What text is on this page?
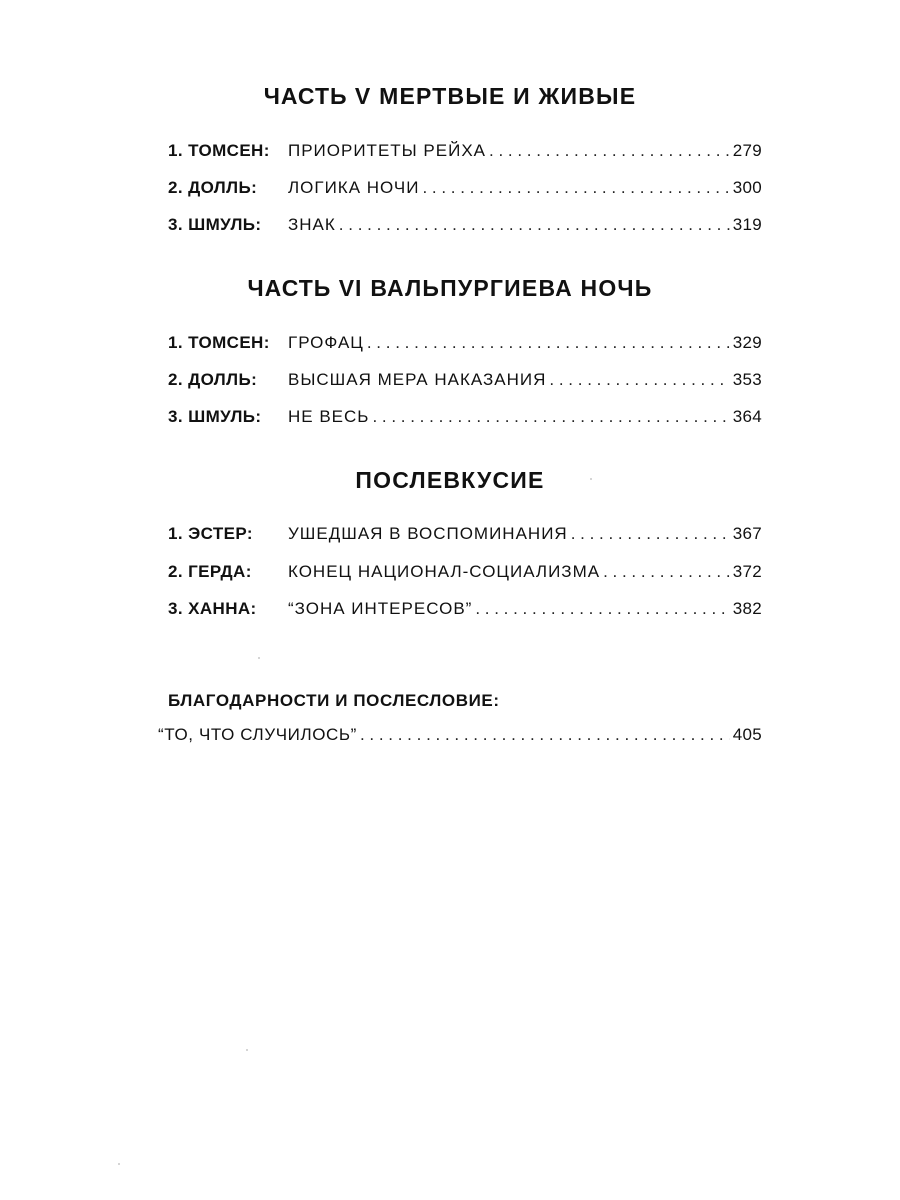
ЧАСТЬ V МЕРТВЫЕ И ЖИВЫЕ
1. ТОМСЕН:	ПРИОРИТЕТЫ РЕЙХА . . .	279
2. ДОЛЛЬ:	ЛОГИКА НОЧИ . . .	300
3. ШМУЛЬ:	ЗНАК . . .	319
ЧАСТЬ VI ВАЛЬПУРГИЕВА НОЧЬ
1. ТОМСЕН:	ГРОФАЦ . . .	329
2. ДОЛЛЬ:	ВЫСШАЯ МЕРА НАКАЗАНИЯ . . .	353
3. ШМУЛЬ:	НЕ ВЕСЬ . . .	364
ПОСЛЕВКУСИЕ
1. ЭСТЕР:	УШЕДШАЯ В ВОСПОМИНАНИЯ . . .	367
2. ГЕРДА:	КОНЕЦ НАЦИОНАЛ-СОЦИАЛИЗМА . . .	372
3. ХАННА:	“ЗОНА ИНТЕРЕСОВ” . . .	382
БЛАГОДАРНОСТИ И ПОСЛЕСЛОВИЕ:
“ТО, ЧТО СЛУЧИЛОСЬ” . . .	405
